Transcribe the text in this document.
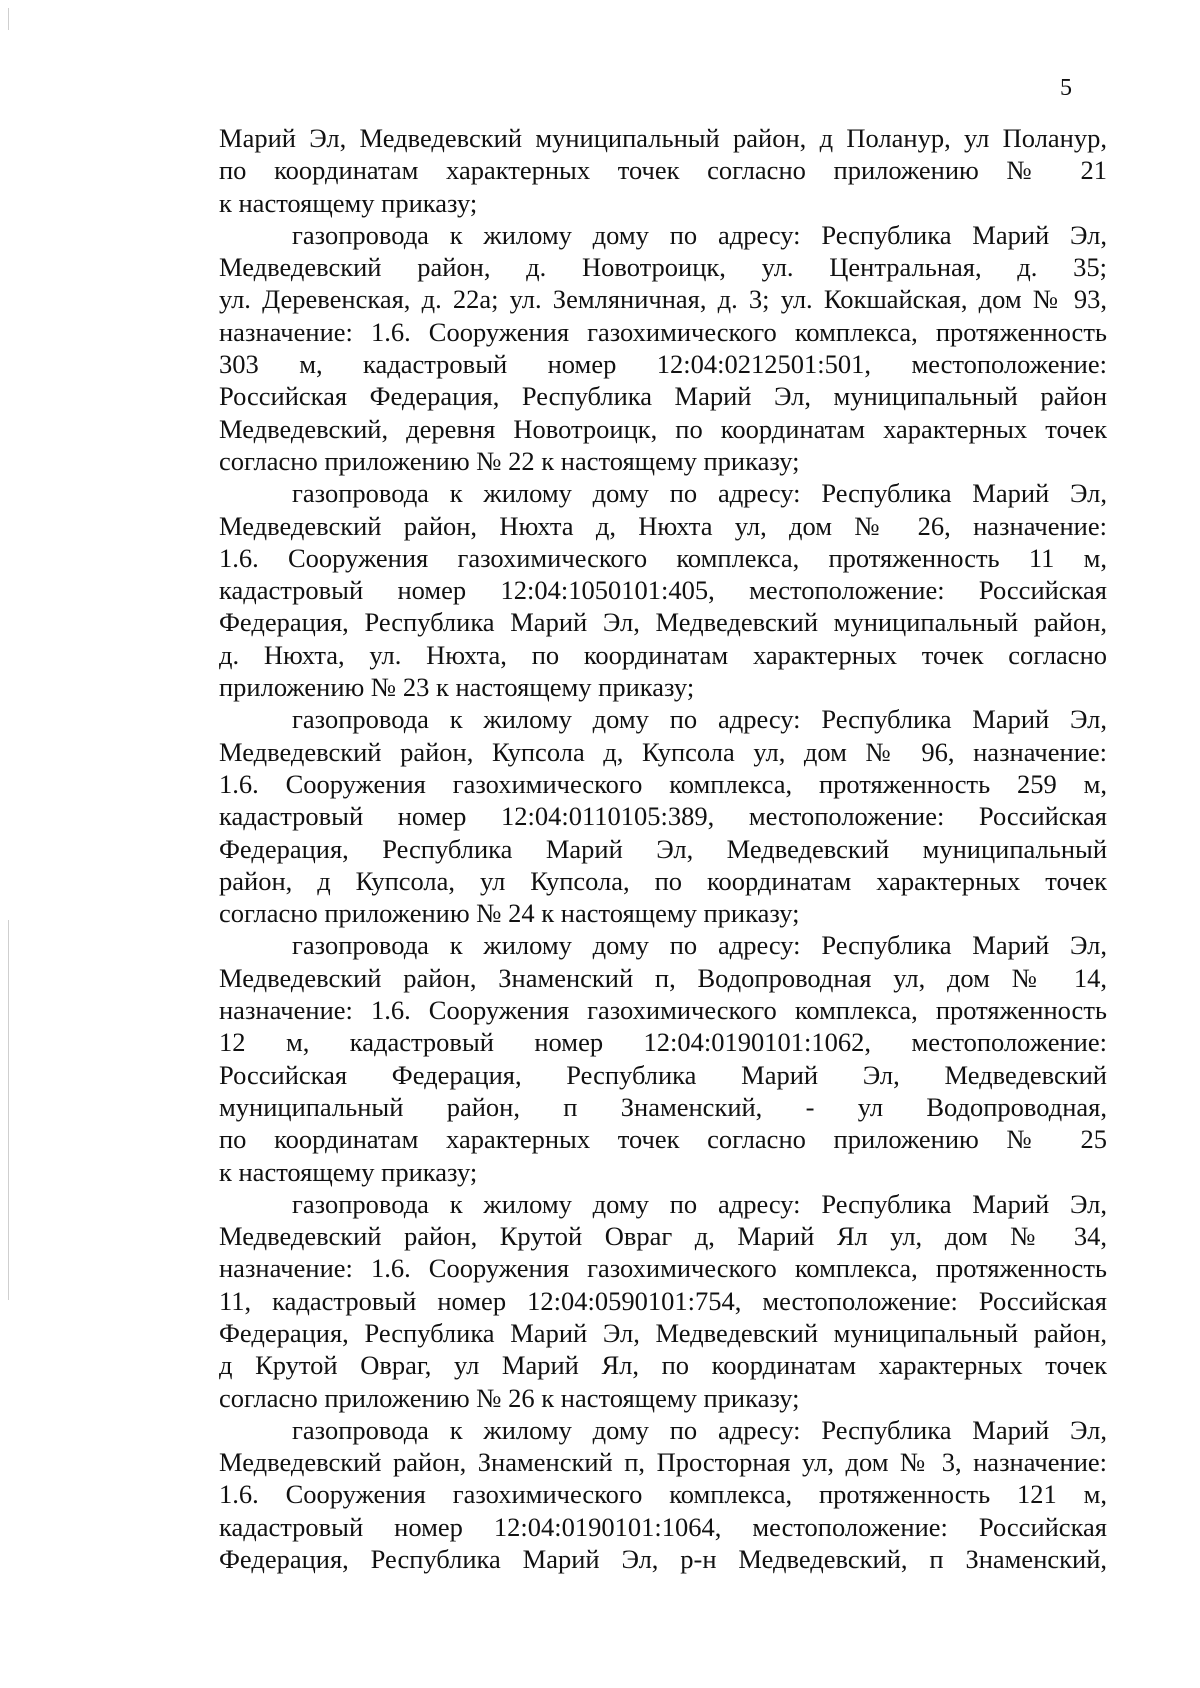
5
Марий Эл, Медведевский муниципальный район, д Поланур, ул Поланур,
по координатам характерных точек согласно приложению № 21
к настоящему приказу;
газопровода к жилому дому по адресу: Республика Марий Эл,
Медведевский район, д. Новотроицк, ул. Центральная, д. 35;
ул. Деревенская, д. 22а; ул. Земляничная, д. 3; ул. Кокшайская, дом № 93,
назначение: 1.6. Сооружения газохимического комплекса, протяженность
303 м, кадастровый номер 12:04:0212501:501, местоположение:
Российская Федерация, Республика Марий Эл, муниципальный район
Медведевский, деревня Новотроицк, по координатам характерных точек
согласно приложению № 22 к настоящему приказу;
газопровода к жилому дому по адресу: Республика Марий Эл,
Медведевский район, Нюхта д, Нюхта ул, дом № 26, назначение:
1.6. Сооружения газохимического комплекса, протяженность 11 м,
кадастровый номер 12:04:1050101:405, местоположение: Российская
Федерация, Республика Марий Эл, Медведевский муниципальный район,
д. Нюхта, ул. Нюхта, по координатам характерных точек согласно
приложению № 23 к настоящему приказу;
газопровода к жилому дому по адресу: Республика Марий Эл,
Медведевский район, Купсола д, Купсола ул, дом № 96, назначение:
1.6. Сооружения газохимического комплекса, протяженность 259 м,
кадастровый номер 12:04:0110105:389, местоположение: Российская
Федерация, Республика Марий Эл, Медведевский муниципальный
район, д Купсола, ул Купсола, по координатам характерных точек
согласно приложению № 24 к настоящему приказу;
газопровода к жилому дому по адресу: Республика Марий Эл,
Медведевский район, Знаменский п, Водопроводная ул, дом № 14,
назначение: 1.6. Сооружения газохимического комплекса, протяженность
12 м, кадастровый номер 12:04:0190101:1062, местоположение:
Российская Федерация, Республика Марий Эл, Медведевский
муниципальный район, п Знаменский, - ул Водопроводная,
по координатам характерных точек согласно приложению № 25
к настоящему приказу;
газопровода к жилому дому по адресу: Республика Марий Эл,
Медведевский район, Крутой Овраг д, Марий Ял ул, дом № 34,
назначение: 1.6. Сооружения газохимического комплекса, протяженность
11, кадастровый номер 12:04:0590101:754, местоположение: Российская
Федерация, Республика Марий Эл, Медведевский муниципальный район,
д Крутой Овраг, ул Марий Ял, по координатам характерных точек
согласно приложению № 26 к настоящему приказу;
газопровода к жилому дому по адресу: Республика Марий Эл,
Медведевский район, Знаменский п, Просторная ул, дом № 3, назначение:
1.6. Сооружения газохимического комплекса, протяженность 121 м,
кадастровый номер 12:04:0190101:1064, местоположение: Российская
Федерация, Республика Марий Эл, р-н Медведевский, п Знаменский,
